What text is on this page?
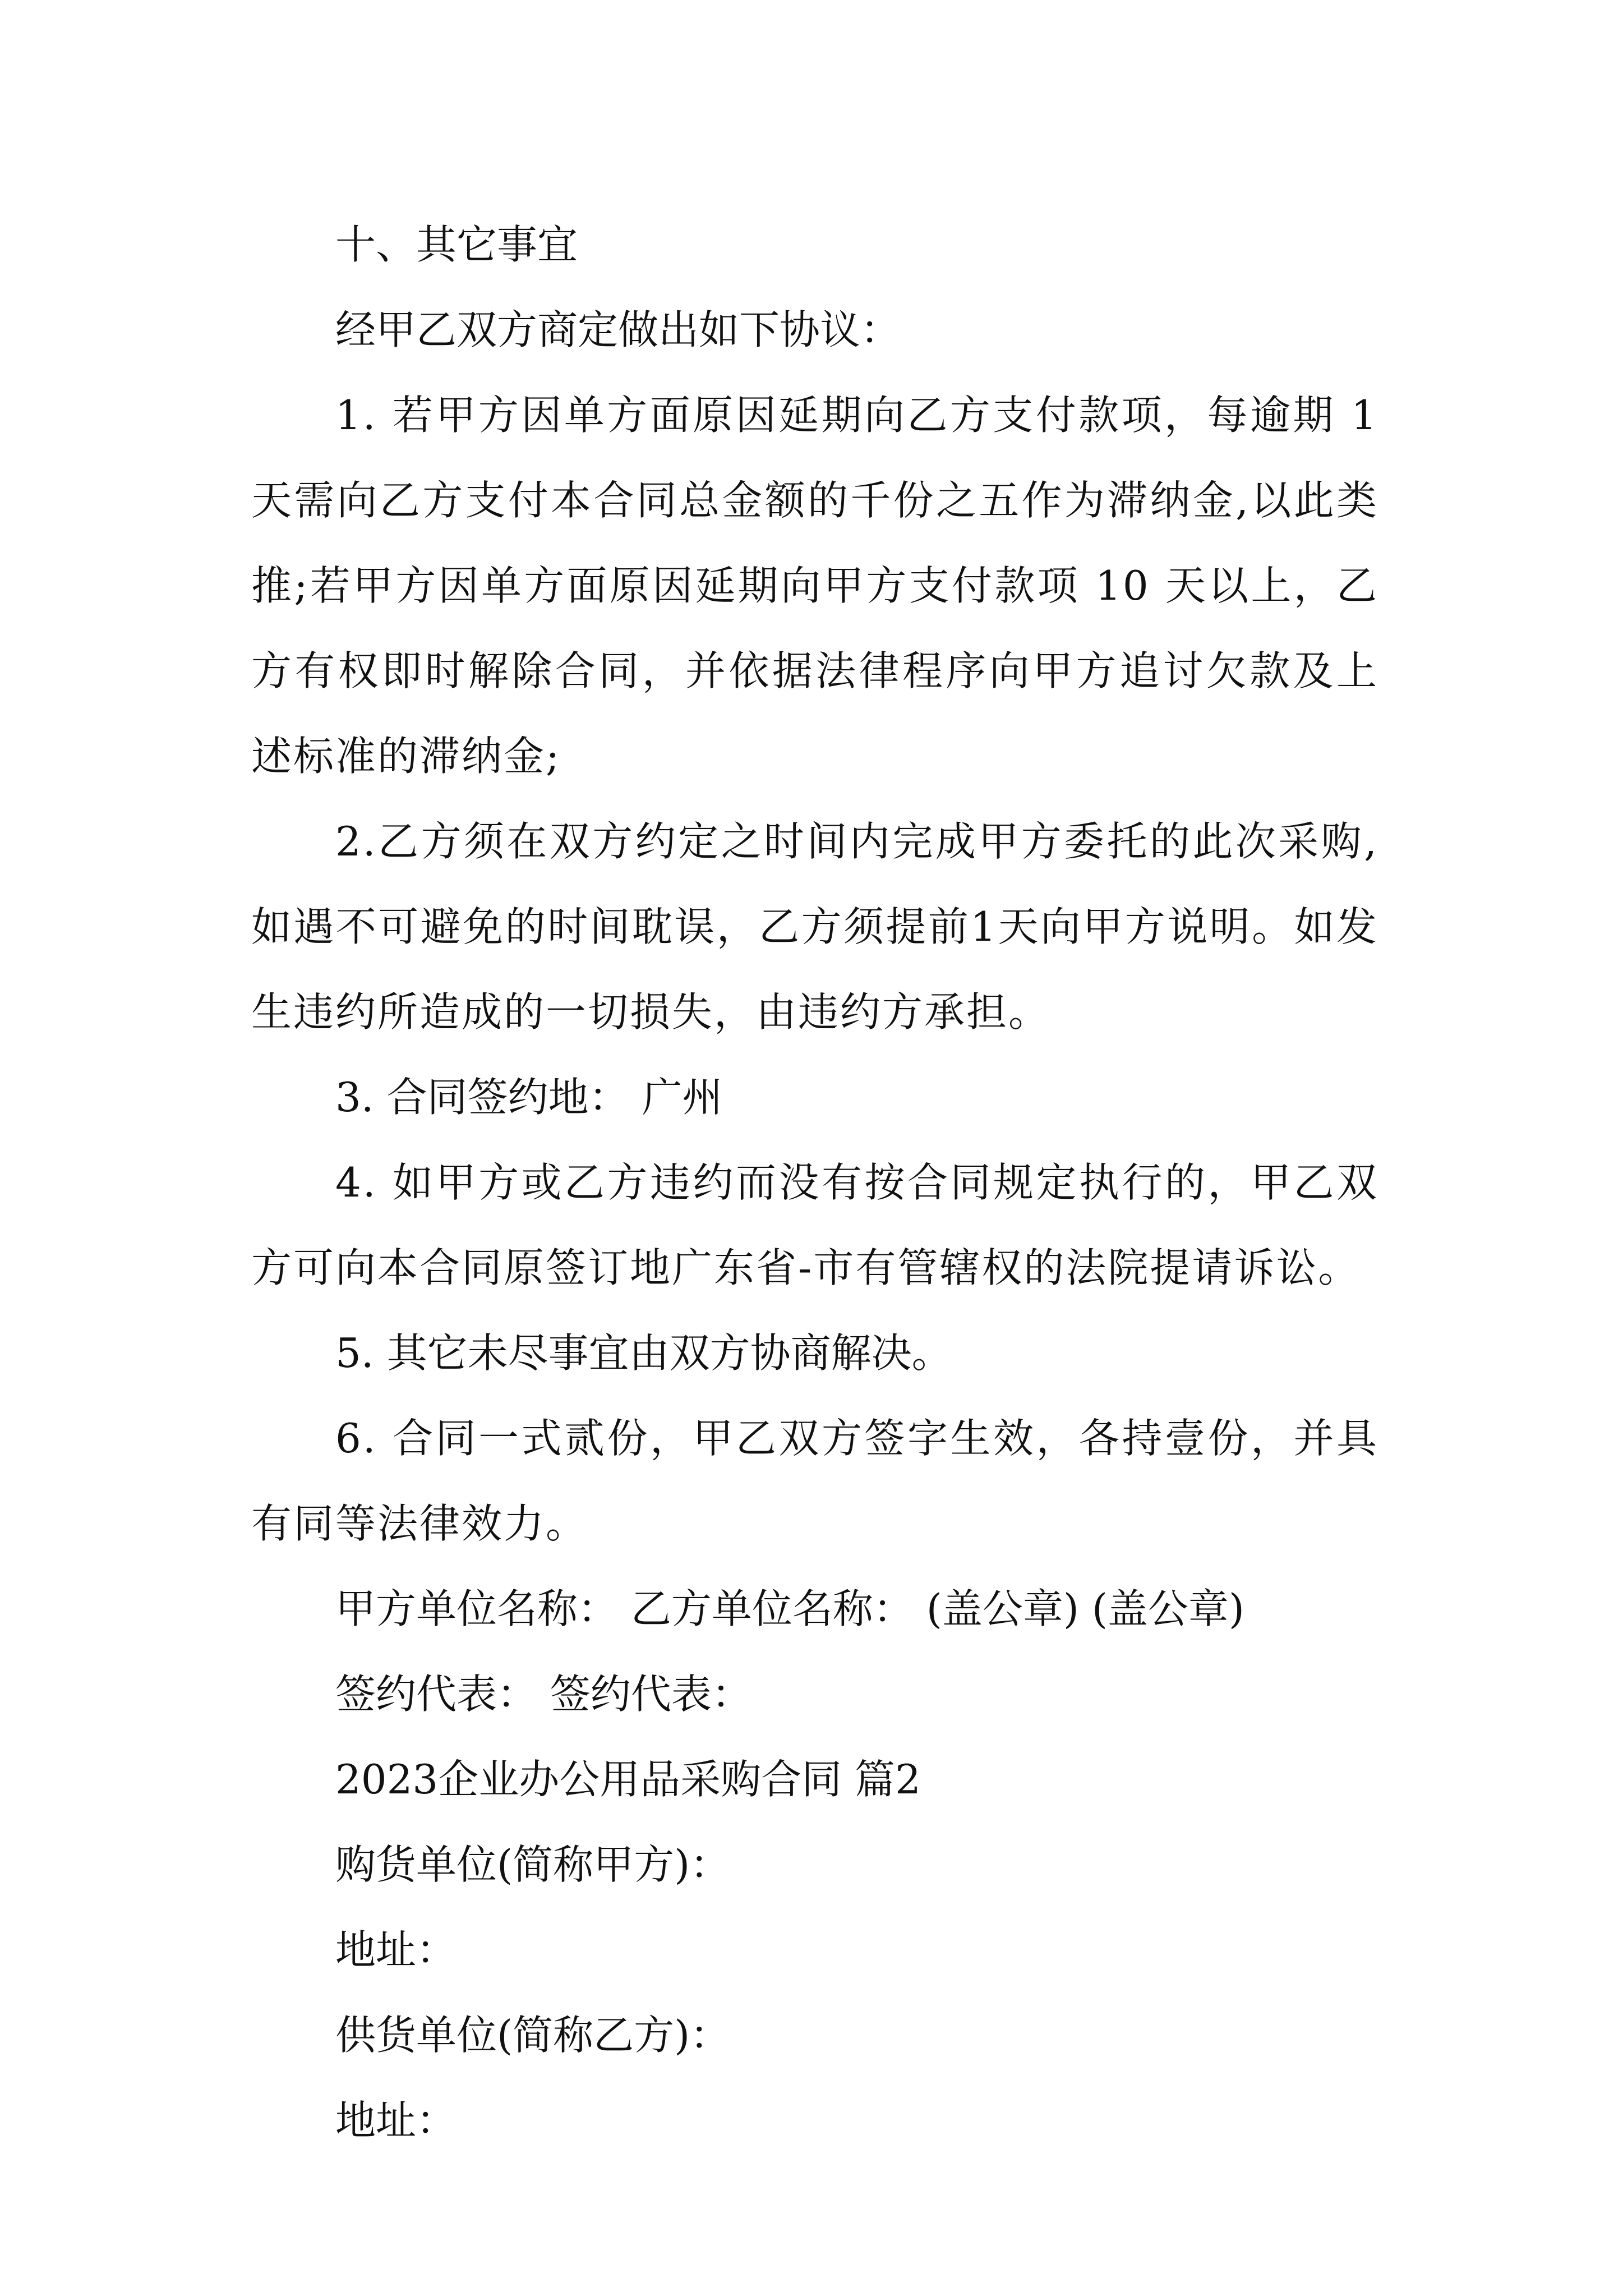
十、其它事宜

经甲乙双方商定做出如下协议：

1. 若甲方因单方面原因延期向乙方支付款项，每逾期 1 天需向乙方支付本合同总金额的千份之五作为滞纳金,以此类推;若甲方因单方面原因延期向甲方支付款项 10 天以上，乙 方有权即时解除合同，并依据法律程序向甲方追讨欠款及上述标准的滞纳金;

2.乙方须在双方约定之时间内完成甲方委托的此次采购,如遇不可避免的时间耽误，乙方须提前1天向甲方说明。如发生违约所造成的一切损失，由违约方承担。

3. 合同签约地： 广州

4. 如甲方或乙方违约而没有按合同规定执行的，甲乙双方可向本合同原签订地广东省-市有管辖权的法院提请诉讼。

5. 其它未尽事宜由双方协商解决。

6. 合同一式贰份，甲乙双方签字生效，各持壹份，并具有同等法律效力。

甲方单位名称： 乙方单位名称： (盖公章) (盖公章)

签约代表： 签约代表：

2023企业办公用品采购合同 篇2

购货单位(简称甲方)：

地址：

供货单位(简称乙方)：

地址：
